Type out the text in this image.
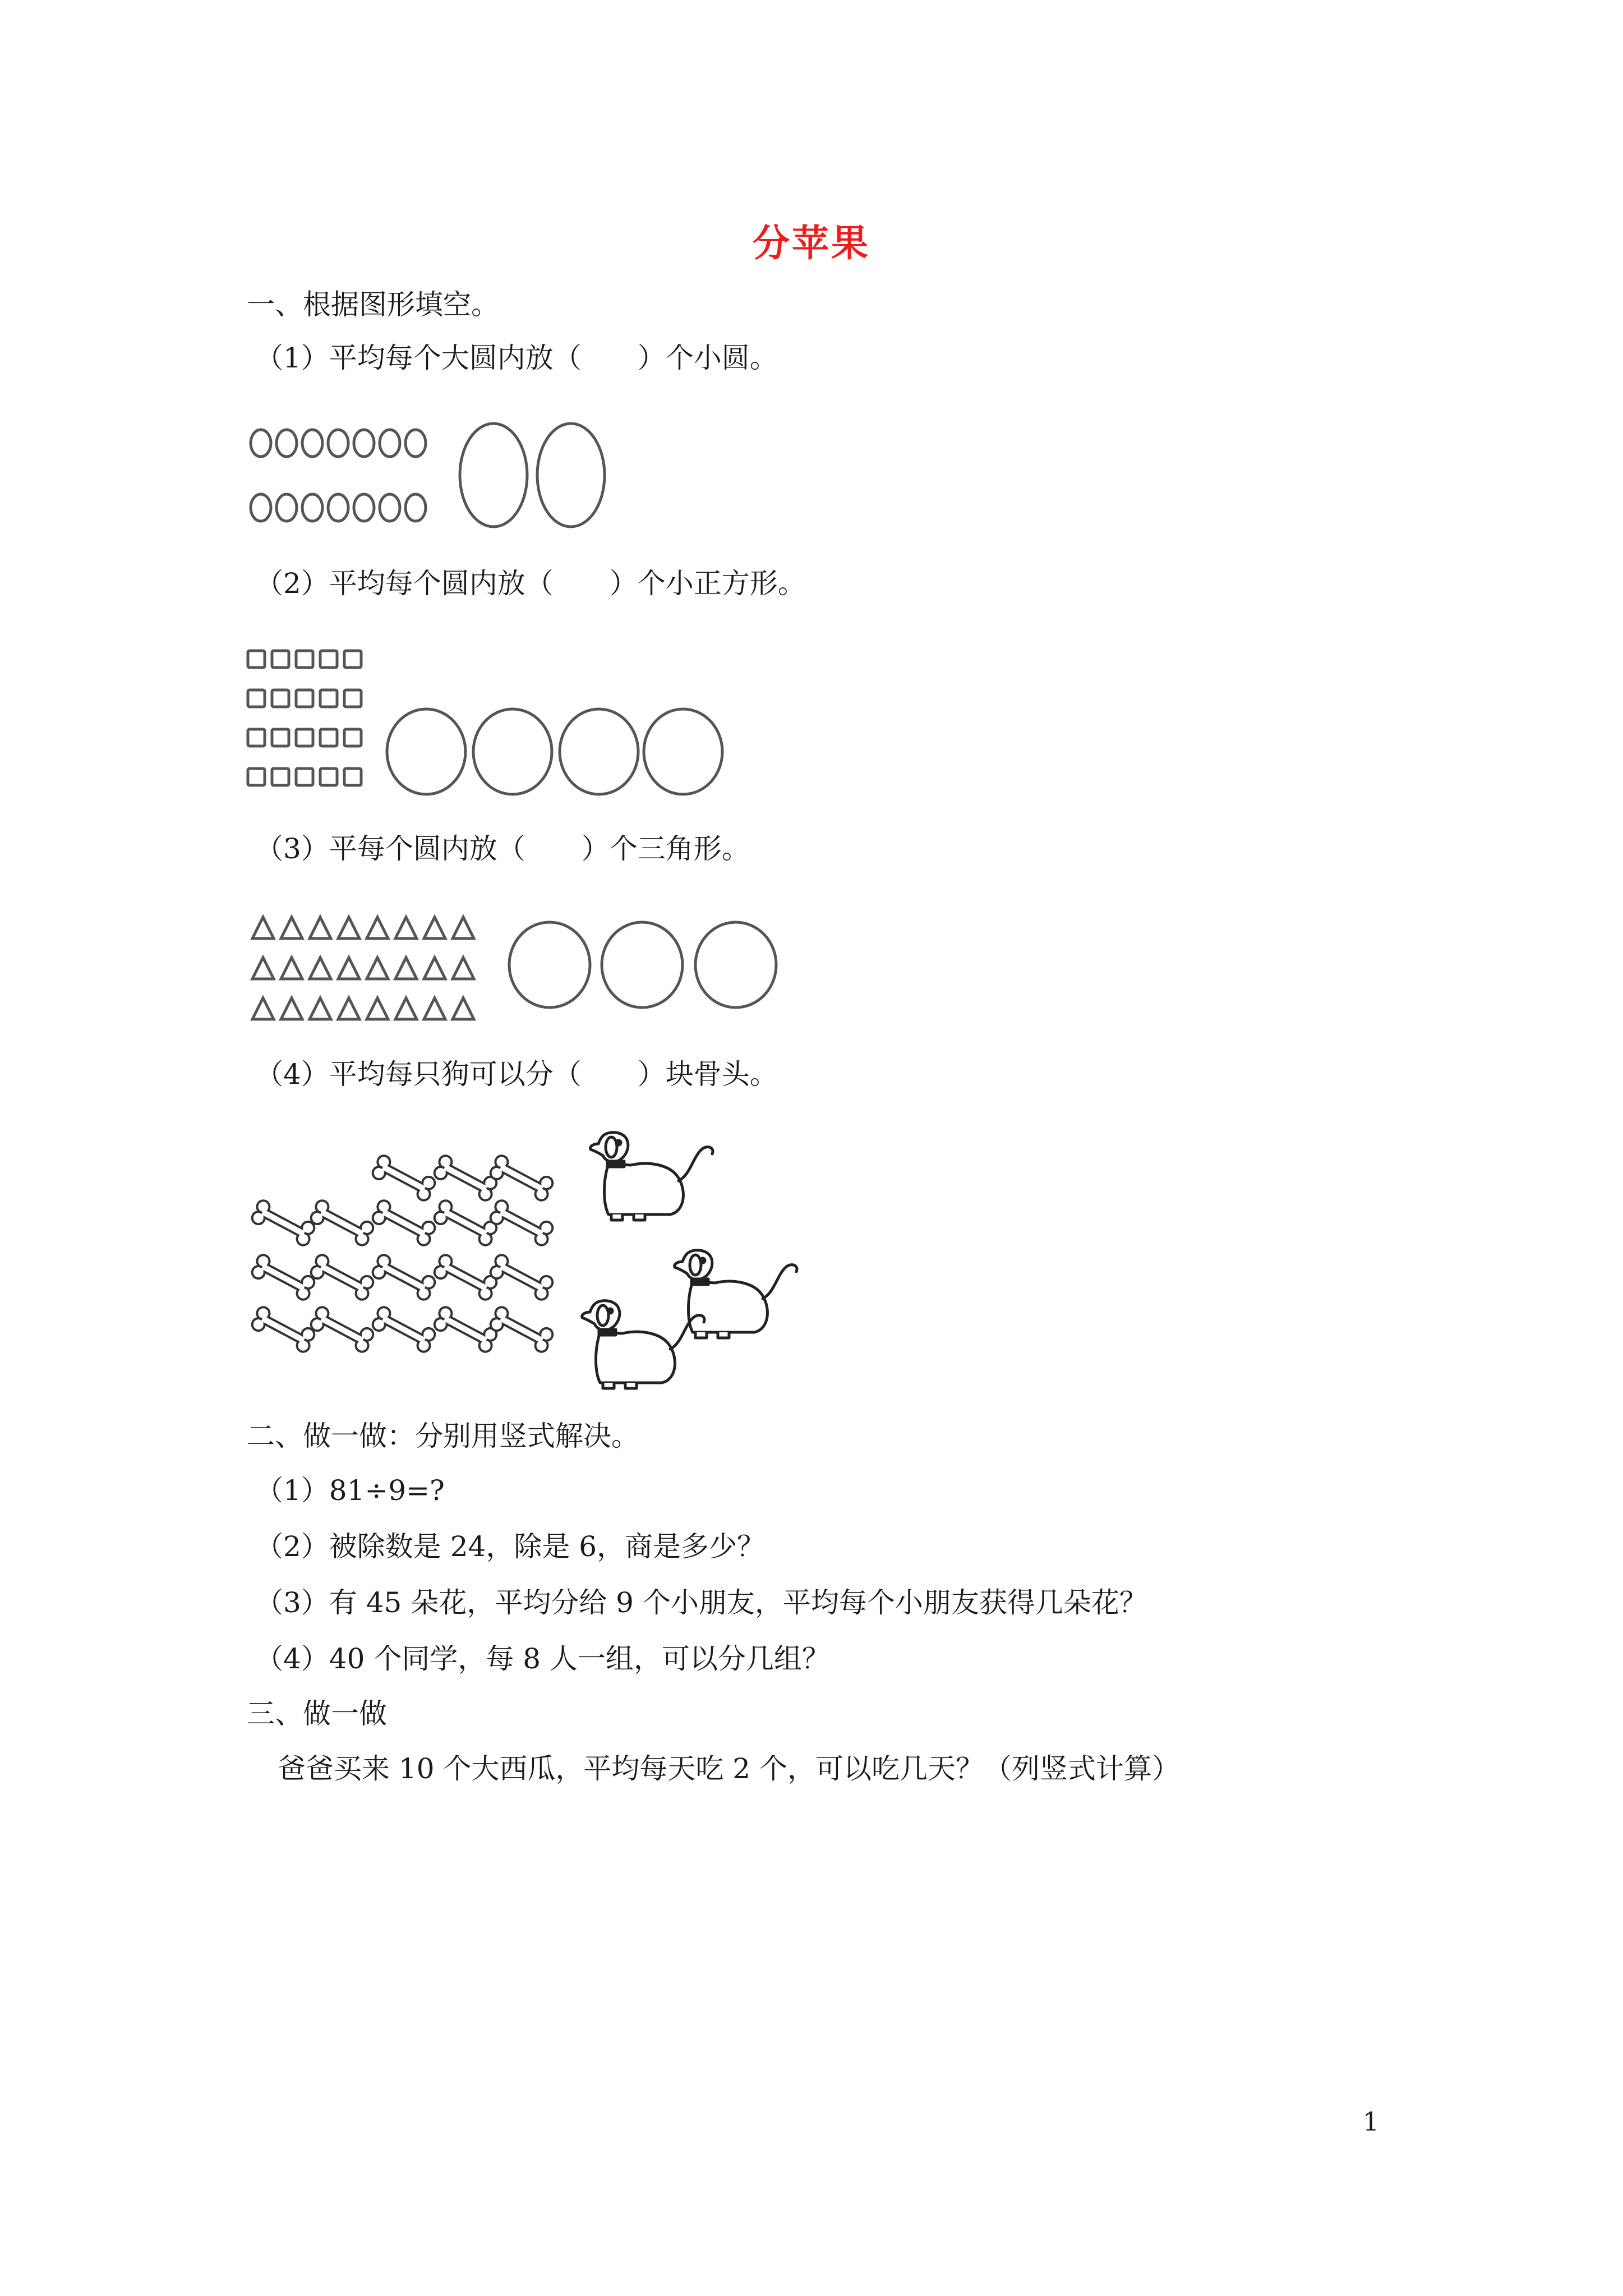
分苹果
一、根据图形填空。
（1）平均每个大圆内放（　　）个小圆。
（2）平均每个圆内放（　　）个小正方形。
（3）平每个圆内放（　　）个三角形。
（4）平均每只狗可以分（　　）块骨头。
二、做一做：分别用竖式解决。
（1）81÷9=?
（2）被除数是 24，除是 6，商是多少？
（3）有 45 朵花，平均分给 9 个小朋友，平均每个小朋友获得几朵花？
（4）40 个同学，每 8 人一组，可以分几组？
三、做一做
爸爸买来 10 个大西瓜，平均每天吃 2 个，可以吃几天？（列竖式计算）
1
